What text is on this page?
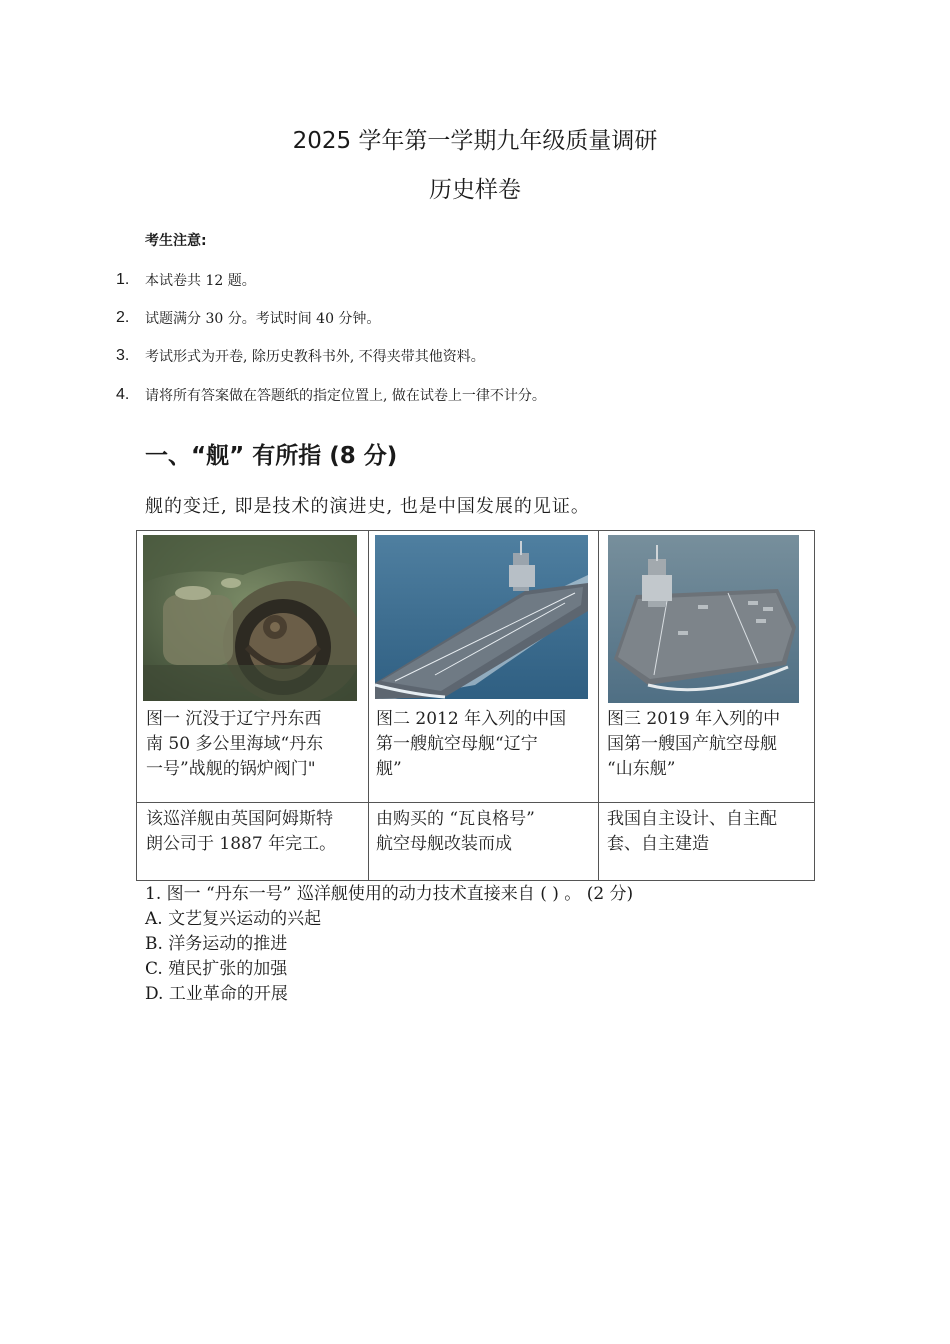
2025 学年第一学期九年级质量调研
历史样卷
考生注意:
1. 本试卷共 12 题。
2. 试题满分 30 分。考试时间 40 分钟。
3. 考试形式为开卷, 除历史教科书外, 不得夹带其他资料。
4. 请将所有答案做在答题纸的指定位置上, 做在试卷上一律不计分。
一、“舰” 有所指 (8 分)
舰的变迁, 即是技术的演进史, 也是中国发展的见证。
图一 沉没于辽宁丹东西
南 50 多公里海域“丹东
一号”战舰的锅炉阀门"
图二 2012 年入列的中国
第一艘航空母舰“辽宁
舰”
图三 2019 年入列的中
国第一艘国产航空母舰
“山东舰”
该巡洋舰由英国阿姆斯特
朗公司于 1887 年完工。
由购买的 “瓦良格号”
航空母舰改装而成
我国自主设计、自主配
套、自主建造
1. 图一 “丹东一号” 巡洋舰使用的动力技术直接来自 ( ) 。 (2 分)
A. 文艺复兴运动的兴起
B. 洋务运动的推进
C. 殖民扩张的加强
D. 工业革命的开展
